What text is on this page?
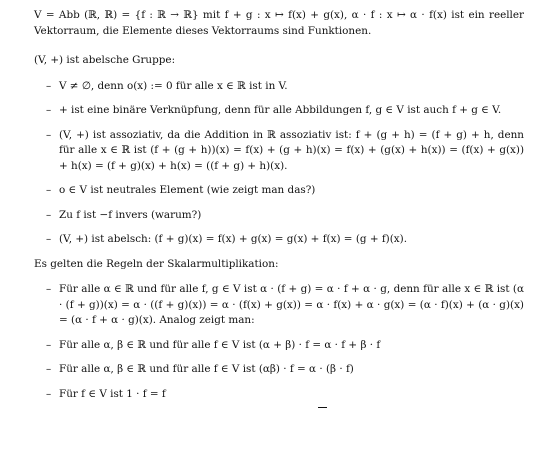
V = Abb (ℝ, ℝ) = {f : ℝ → ℝ} mit f + g : x ↦ f(x) + g(x), α · f : x ↦ α · f(x) ist ein reeller Vektorraum, die Elemente dieses Vektorraums sind Funktionen.

(V, +) ist abelsche Gruppe:

– V ≠ ∅, denn o(x) := 0 für alle x ∈ ℝ ist in V.
– + ist eine binäre Verknüpfung, denn für alle Abbildungen f, g ∈ V ist auch f + g ∈ V.
– (V, +) ist assoziativ, da die Addition in ℝ assoziativ ist: f + (g + h) = (f + g) + h, denn für alle x ∈ ℝ ist (f + (g + h))(x) = f(x) + (g + h)(x) = f(x) + (g(x) + h(x)) = (f(x) + g(x)) + h(x) = (f + g)(x) + h(x) = ((f + g) + h)(x).
– o ∈ V ist neutrales Element (wie zeigt man das?)
– Zu f ist −f invers (warum?)
– (V, +) ist abelsch: (f + g)(x) = f(x) + g(x) = g(x) + f(x) = (g + f)(x).

Es gelten die Regeln der Skalarmultiplikation:

– Für alle α ∈ ℝ und für alle f, g ∈ V ist α · (f + g) = α · f + α · g, denn für alle x ∈ ℝ ist (α · (f + g))(x) = α · ((f + g)(x)) = α · (f(x) + g(x)) = α · f(x) + α · g(x) = (α · f)(x) + (α · g)(x) = (α · f + α · g)(x). Analog zeigt man:
– Für alle α, β ∈ ℝ und für alle f ∈ V ist (α + β) · f = α · f + β · f
– Für alle α, β ∈ ℝ und für alle f ∈ V ist (αβ) · f = α · (β · f)
– Für f ∈ V ist 1 · f = f
